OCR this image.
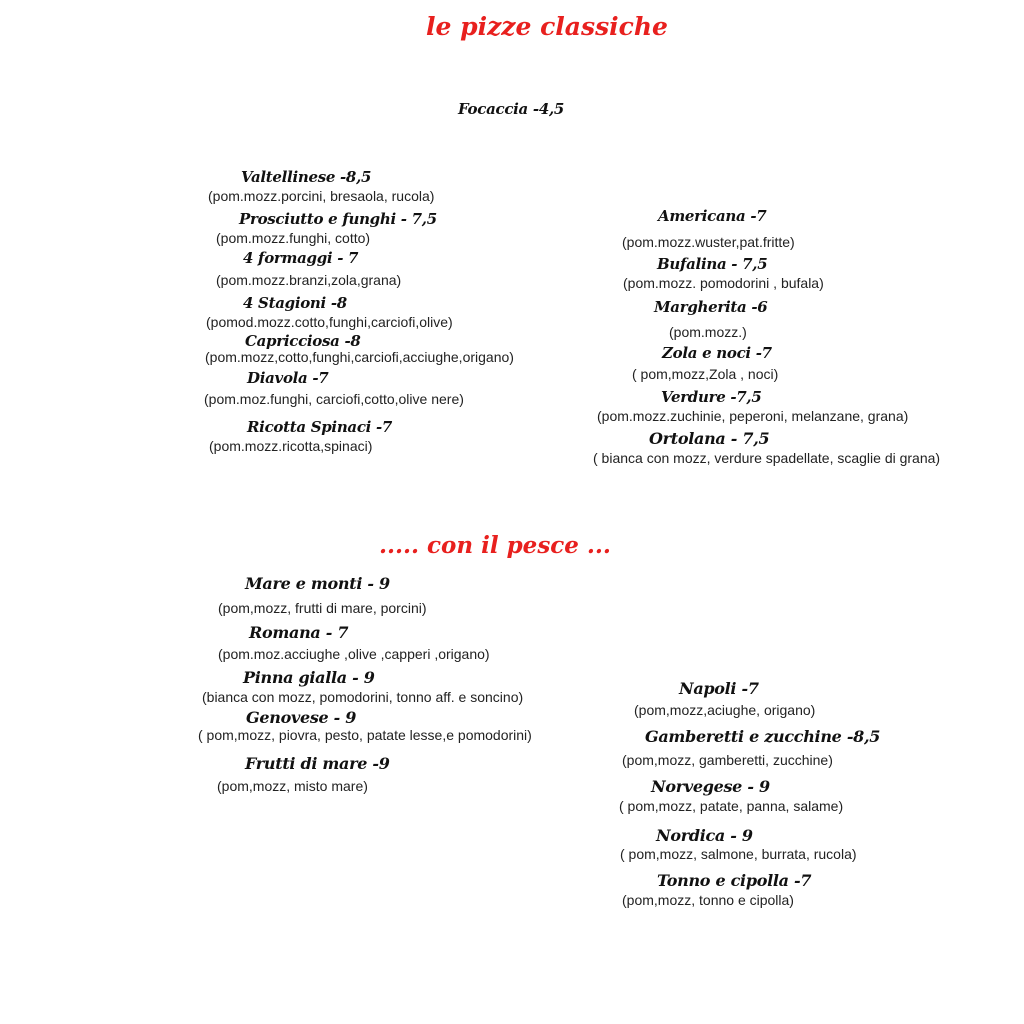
le pizze classiche
Focaccia -4,5
Valtellinese -8,5
(pom.mozz.porcini, bresaola, rucola)
Prosciutto e funghi - 7,5
(pom.mozz.funghi, cotto)
4 formaggi - 7
(pom.mozz.branzi,zola,grana)
4 Stagioni -8
(pomod.mozz.cotto,funghi,carciofi,olive)
Capricciosa -8
(pom.mozz,cotto,funghi,carciofi,acciughe,origano)
Diavola -7
(pom.moz.funghi, carciofi,cotto,olive nere)
Ricotta Spinaci -7
(pom.mozz.ricotta,spinaci)
Americana -7
(pom.mozz.wuster,pat.fritte)
Bufalina - 7,5
(pom.mozz. pomodorini , bufala)
Margherita -6
(pom.mozz.)
Zola e noci -7
( pom,mozz,Zola , noci)
Verdure -7,5
(pom.mozz.zuchinie, peperoni, melanzane, grana)
Ortolana - 7,5
( bianca con mozz, verdure spadellate, scaglie di grana)
..... con il pesce ...
Mare e monti - 9
(pom,mozz, frutti di mare, porcini)
Romana - 7
(pom.moz.acciughe ,olive ,capperi ,origano)
Pinna gialla - 9
(bianca con mozz, pomodorini, tonno aff. e soncino)
Genovese - 9
( pom,mozz, piovra, pesto, patate lesse,e pomodorini)
Frutti di mare -9
(pom,mozz, misto mare)
Napoli -7
(pom,mozz,aciughe, origano)
Gamberetti e zucchine -8,5
(pom,mozz, gamberetti, zucchine)
Norvegese - 9
( pom,mozz, patate, panna, salame)
Nordica - 9
( pom,mozz, salmone, burrata, rucola)
Tonno e cipolla -7
(pom,mozz, tonno e cipolla)
